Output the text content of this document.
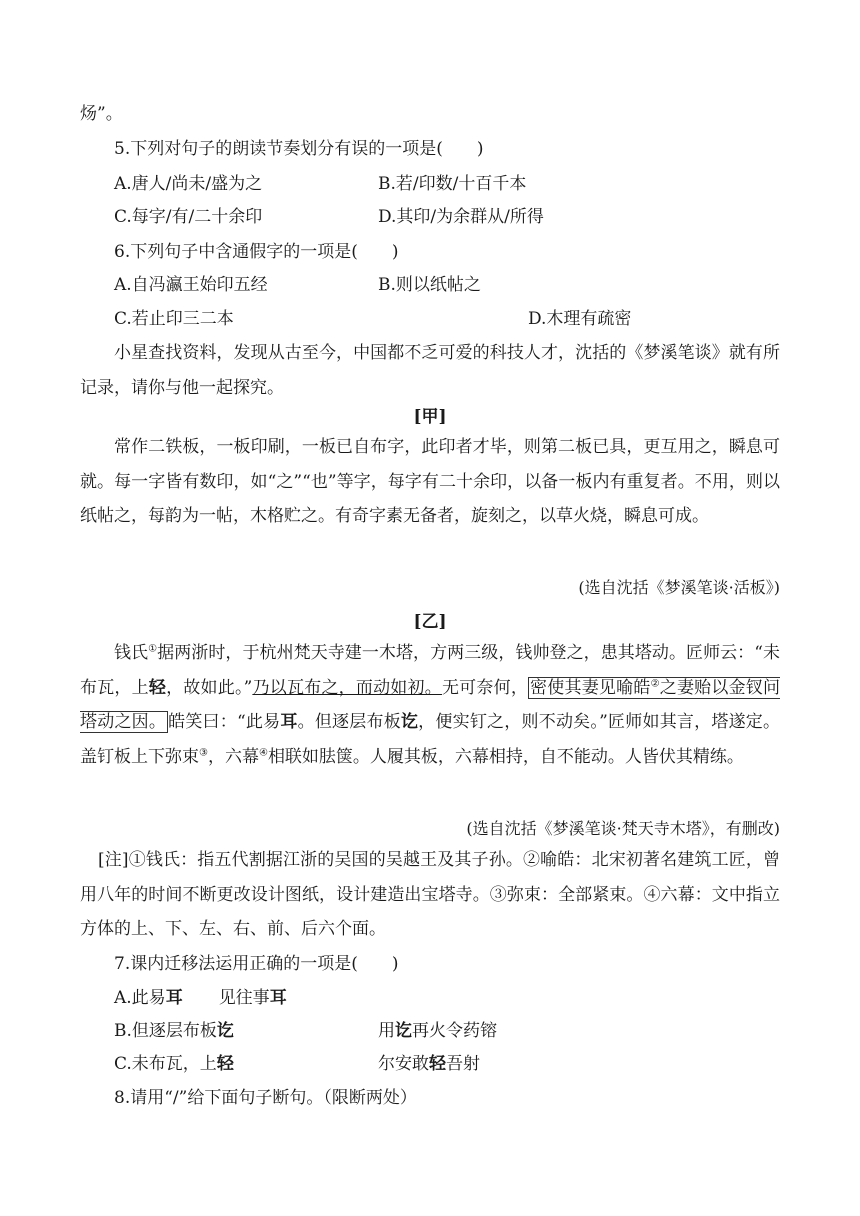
炀”。
5.下列对句子的朗读节奏划分有误的一项是(　　)
A.唐人/尚未/盛为之	B.若/印数/十百千本
C.每字/有/二十余印	D.其印/为余群从/所得
6.下列句子中含通假字的一项是(　　)
A.自冯瀛王始印五经	B.则以纸帖之
C.若止印三二本	D.木理有疏密

小星查找资料，发现从古至今，中国都不乏可爱的科技人才，沈括的《梦溪笔谈》就有所记录，请你与他一起探究。

[甲]

常作二铁板，一板印刷，一板已自布字，此印者才毕，则第二板已具，更互用之，瞬息可就。每一字皆有数印，如“之”“也”等字，每字有二十余印，以备一板内有重复者。不用，则以纸帖之，每韵为一帖，木格贮之。有奇字素无备者，旋刻之，以草火烧，瞬息可成。

(选自沈括《梦溪笔谈·活板》)
[乙]

钱氏①据两浙时，于杭州梵天寺建一木塔，方两三级，钱帅登之，患其塔动。匠师云：“未布瓦，上轻，故如此。”乃以瓦布之，而动如初。无可奈何， 密使其妻见喻皓②之妻贻以金钗问塔动之因。 皓笑曰：“此易耳。但逐层布板讫，便实钉之，则不动矣。”匠师如其言，塔遂定。盖钉板上下弥束③，六幕④相联如胠箧。人履其板，六幕相持，自不能动。人皆伏其精练。

(选自沈括《梦溪笔谈·梵天寺木塔》，有删改)

[注]①钱氏：指五代割据江浙的吴国的吴越王及其子孙。②喻皓：北宋初著名建筑工匠，曾用八年的时间不断更改设计图纸，设计建造出宝塔寺。③弥束：全部紧束。④六幕：文中指立方体的上、下、左、右、前、后六个面。

7.课内迁移法运用正确的一项是(　　)
A.此易耳 见往事耳
B.但逐层布板讫	用讫再火令药镕
C.未布瓦，上轻	尔安敢轻吾射
8.请用“/”给下面句子断句。（限断两处）
